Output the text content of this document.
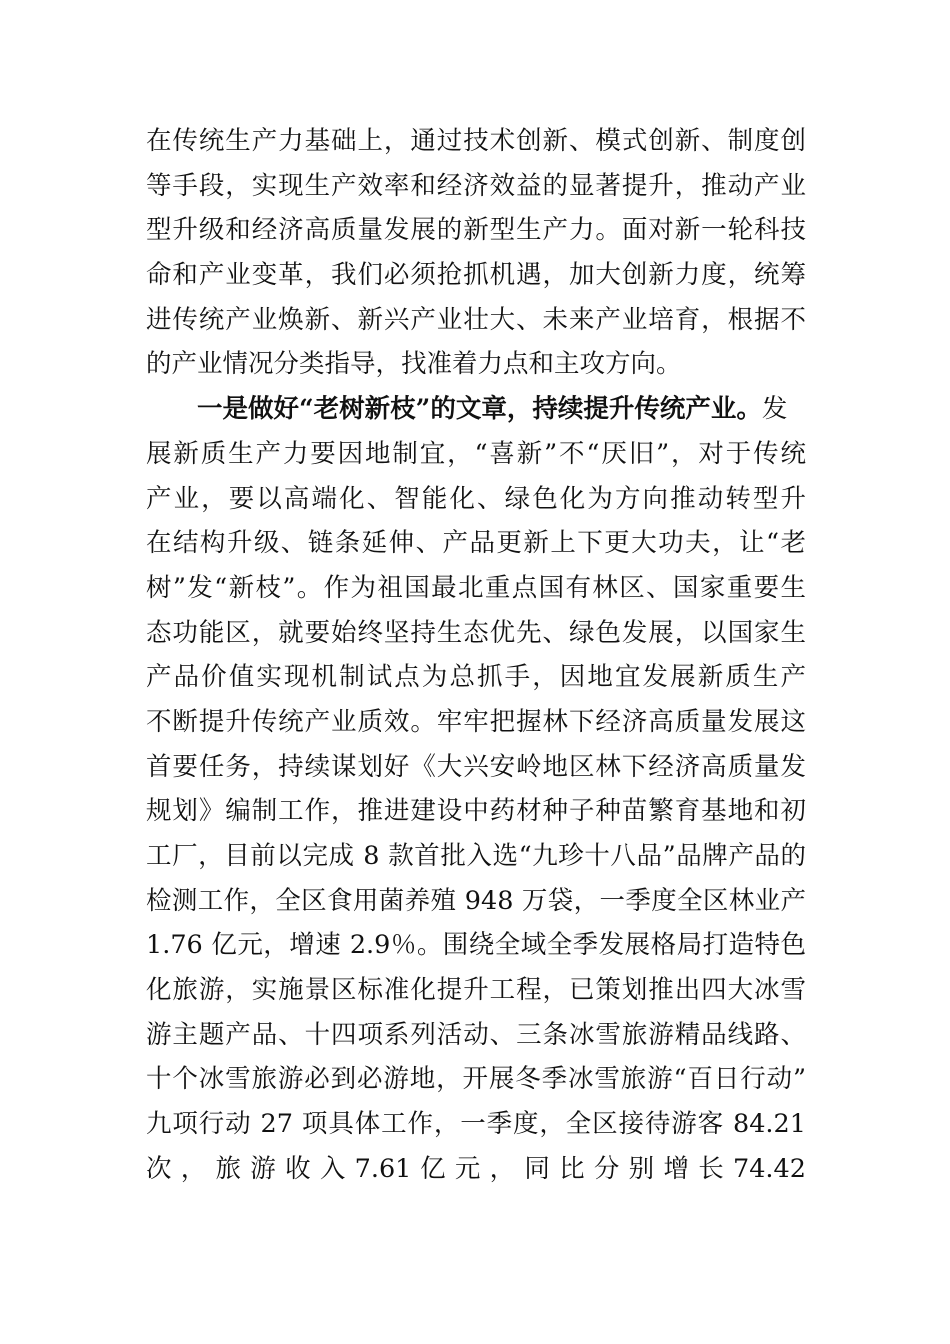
在传统生产力基础上，通过技术创新、模式创新、制度创
等手段，实现生产效率和经济效益的显著提升，推动产业
型升级和经济高质量发展的新型生产力。面对新一轮科技
命和产业变革，我们必须抢抓机遇，加大创新力度，统筹
进传统产业焕新、新兴产业壮大、未来产业培育，根据不
的产业情况分类指导，找准着力点和主攻方向。
一是做好“老树新枝”的文章，持续提升传统产业。发
展新质生产力要因地制宜，“喜新”不“厌旧”，对于传统
产业，要以高端化、智能化、绿色化为方向推动转型升
在结构升级、链条延伸、产品更新上下更大功夫，让“老
树”发“新枝”。作为祖国最北重点国有林区、国家重要生
态功能区，就要始终坚持生态优先、绿色发展，以国家生
产品价值实现机制试点为总抓手，因地宜发展新质生产
不断提升传统产业质效。牢牢把握林下经济高质量发展这
首要任务，持续谋划好《大兴安岭地区林下经济高质量发
规划》编制工作，推进建设中药材种子种苗繁育基地和初
工厂，目前以完成 8 款首批入选“九珍十八品”品牌产品的
检测工作，全区食用菌养殖 948 万袋，一季度全区林业产
1.76 亿元，增速 2.9％。围绕全域全季发展格局打造特色
化旅游，实施景区标准化提升工程，已策划推出四大冰雪
游主题产品、十四项系列活动、三条冰雪旅游精品线路、
十个冰雪旅游必到必游地，开展冬季冰雪旅游“百日行动”
九项行动 27 项具体工作，一季度，全区接待游客 84.21
次 ， 旅 游 收 入 7.61 亿 元 ， 同 比 分 别 增 长 74.42
